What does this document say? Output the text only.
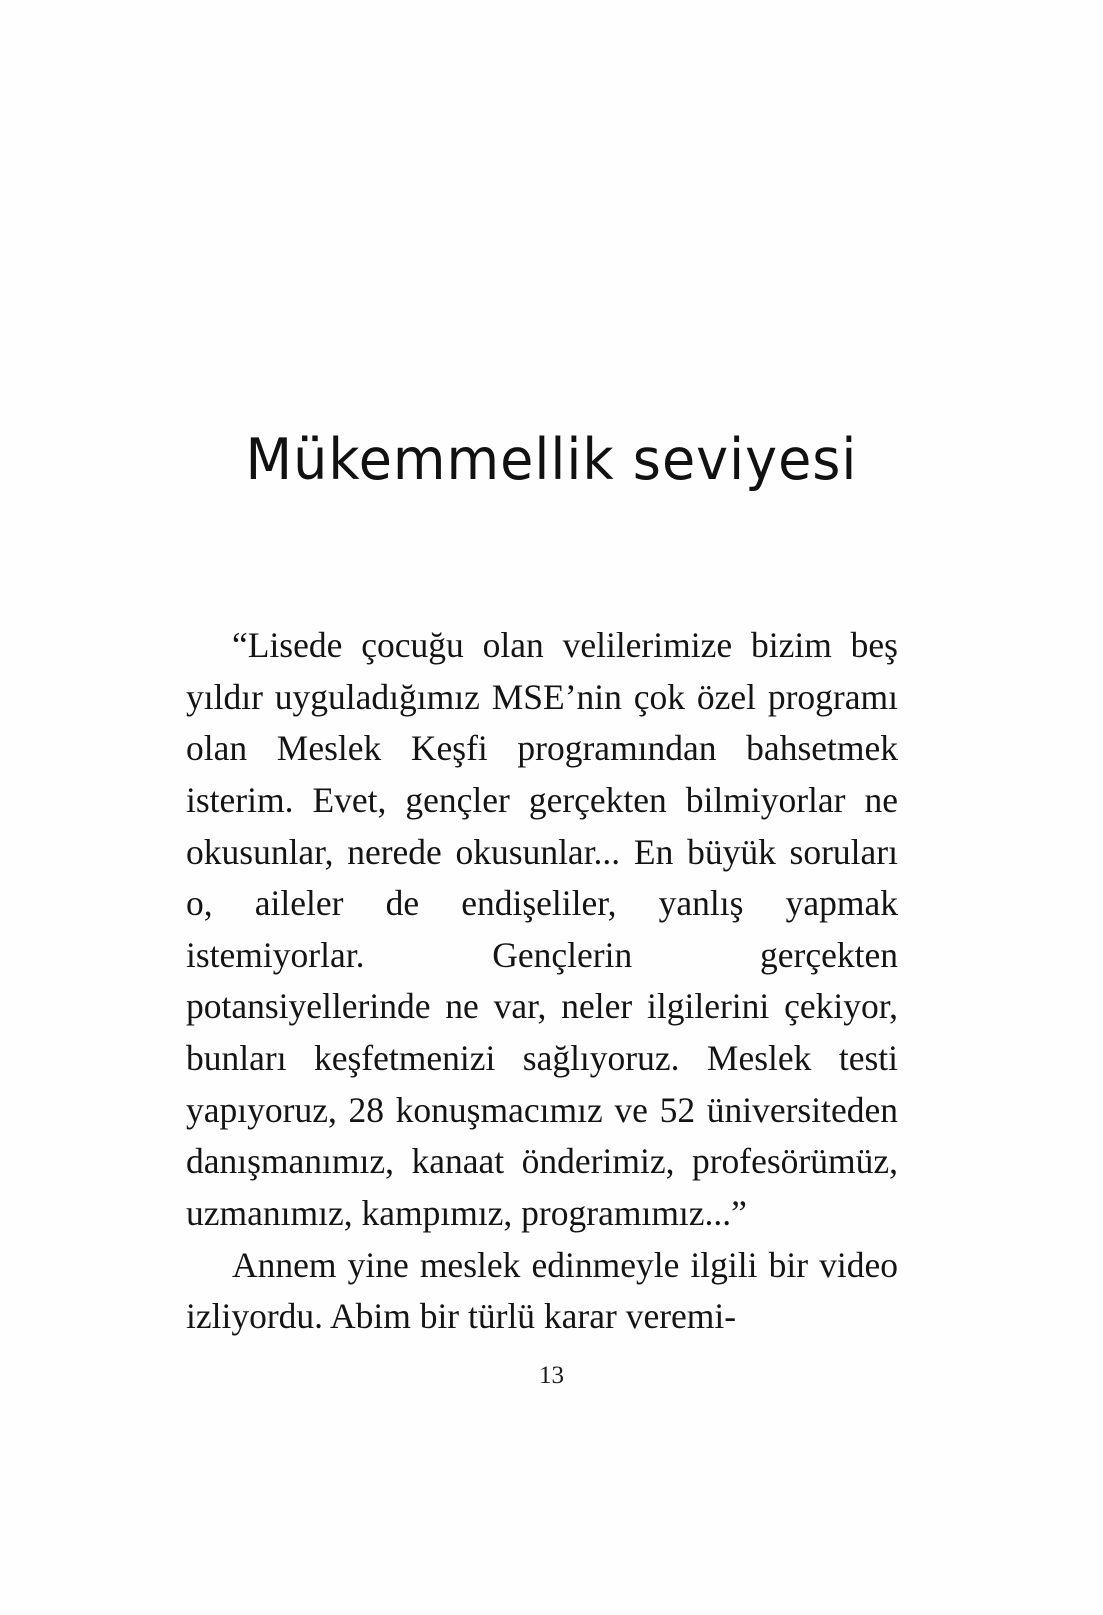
Mükemmellik seviyesi

“Lisede çocuğu olan velilerimize bizim beş yıldır uyguladığımız MSE’nin çok özel programı olan Meslek Keşfi programından bahsetmek isterim. Evet, gençler gerçekten bilmiyorlar ne okusunlar, nerede okusunlar... En büyük soruları o, aileler de endişeliler, yanlış yapmak istemiyorlar. Gençlerin gerçekten potansiyellerinde ne var, neler ilgilerini çekiyor, bunları keşfetmenizi sağlıyoruz. Meslek testi yapıyoruz, 28 konuşmacımız ve 52 üniversiteden danışmanımız, kanaat önderimiz, profesörümüz, uzmanımız, kampımız, programımız...”

Annem yine meslek edinmeyle ilgili bir video izliyordu. Abim bir türlü karar veremi-

13
